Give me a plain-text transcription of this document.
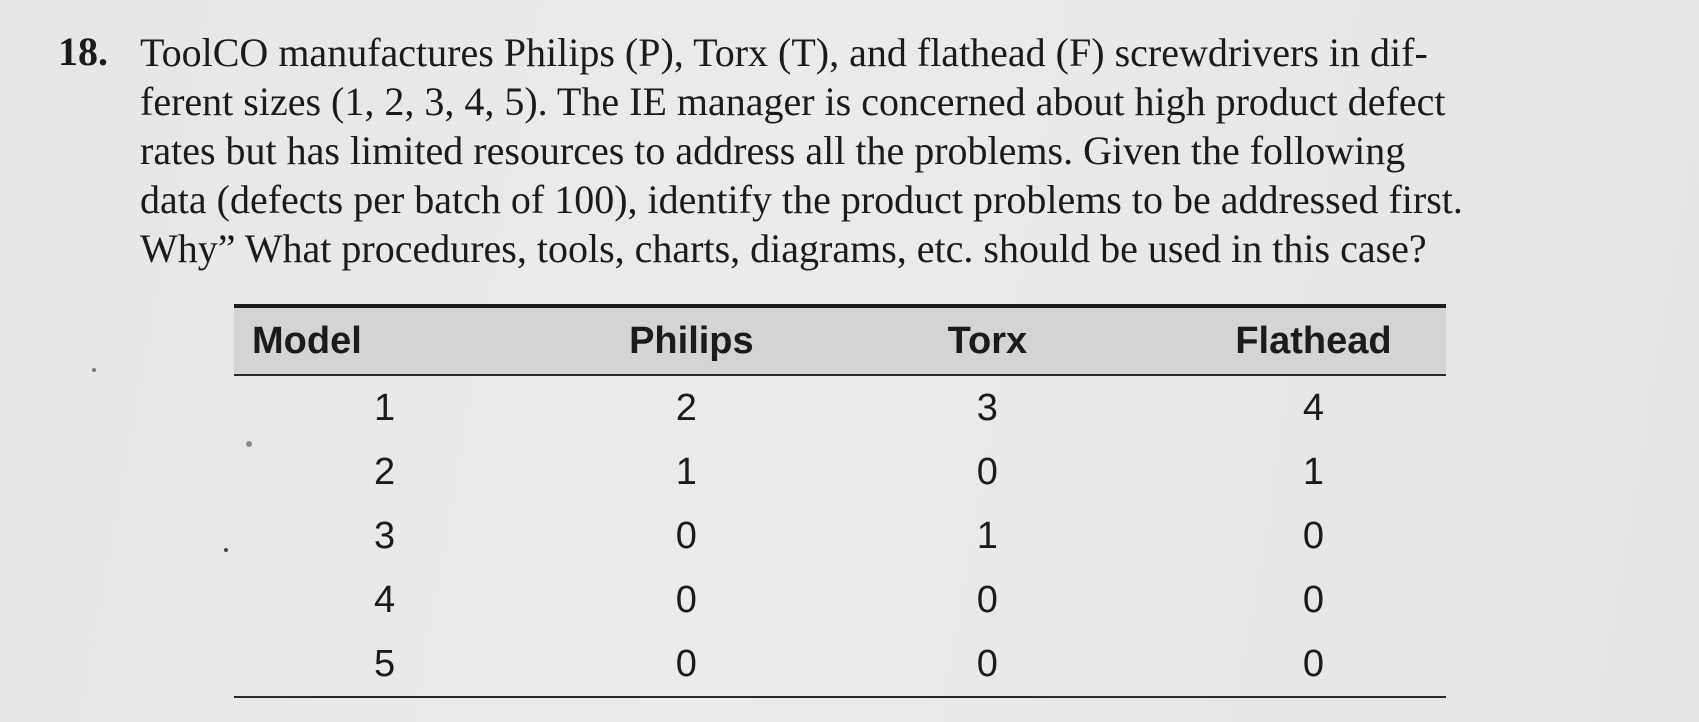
18. ToolCO manufactures Philips (P), Torx (T), and flathead (F) screwdrivers in dif-
ferent sizes (1, 2, 3, 4, 5). The IE manager is concerned about high product defect
rates but has limited resources to address all the problems. Given the following
data (defects per batch of 100), identify the product problems to be addressed first.
Why” What procedures, tools, charts, diagrams, etc. should be used in this case?
Model	Philips	Torx	Flathead
1	2	3	4
2	1	0	1
3	0	1	0
4	0	0	0
5	0	0	0
